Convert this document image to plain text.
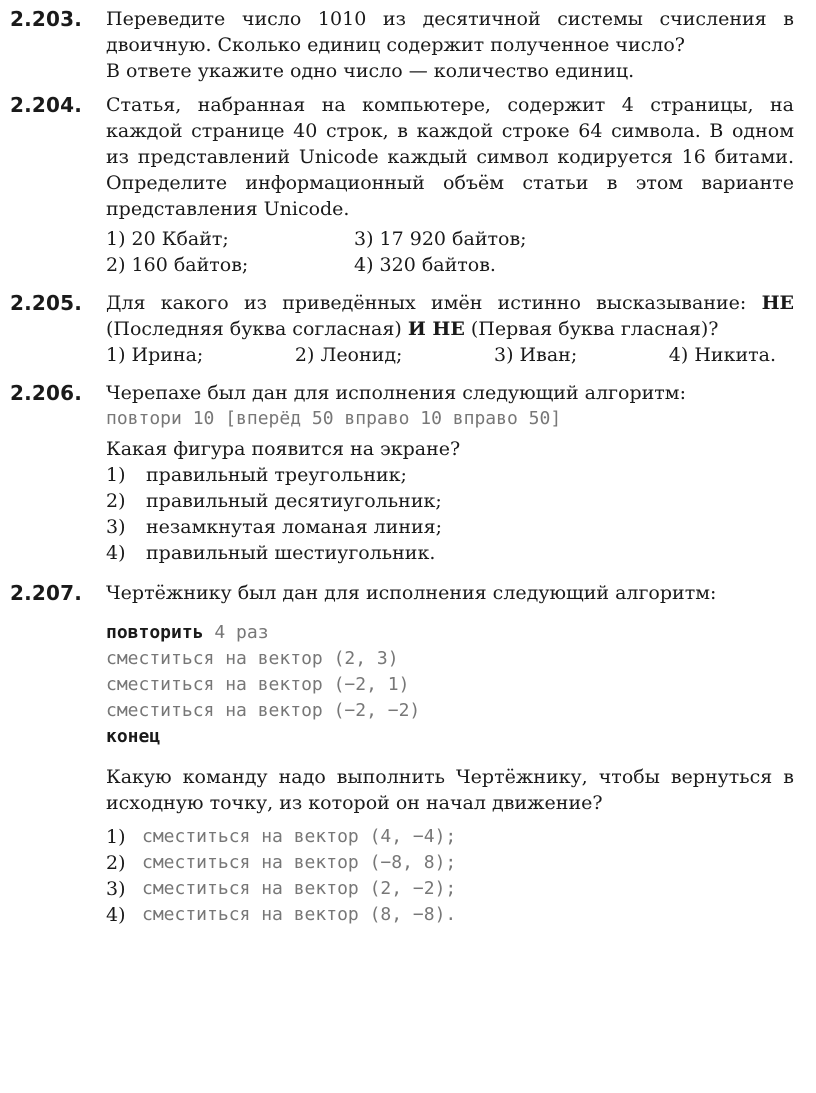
2.203.	Переведите число 1010 из десятичной системы счисления в двоичную. Сколько единиц содержит полученное число?

В ответе укажите одно число — количество единиц.

2.204.	Статья, набранная на компьютере, содержит 4 страницы, на каждой странице 40 строк, в каждой строке 64 символа. В одном из представлений Unicode каждый символ кодируется 16 битами. Определите информационный объём статьи в этом варианте представления Unicode.

1) 20 Кбайт;	3) 17 920 байтов;
2) 160 байтов;	4) 320 байтов.
2.205.	Для какого из приведённых имён истинно высказывание: НЕ (Последняя буква согласная) И НЕ (Первая буква гласная)?

1) Ирина;	2) Леонид;	3) Иван;	4) Никита.
2.206.	Черепахе был дан для исполнения следующий алгоритм:

повтори 10 [вперёд 50 вправо 10 вправо 50]

Какая фигура появится на экране?

1)	правильный треугольник;
2)	правильный десятиугольник;
3)	незамкнутая ломаная линия;
4)	правильный шестиугольник.
2.207.	Чертёжнику был дан для исполнения следующий алгоритм:

повторить 4 раз
сместиться на вектор (2, 3)
сместиться на вектор (−2, 1)
сместиться на вектор (−2, −2)
конец

Какую команду надо выполнить Чертёжнику, чтобы вернуться в исходную точку, из которой он начал движение?

1) сместиться на вектор (4, −4);
2) сместиться на вектор (−8, 8);
3) сместиться на вектор (2, −2);
4) сместиться на вектор (8, −8).
